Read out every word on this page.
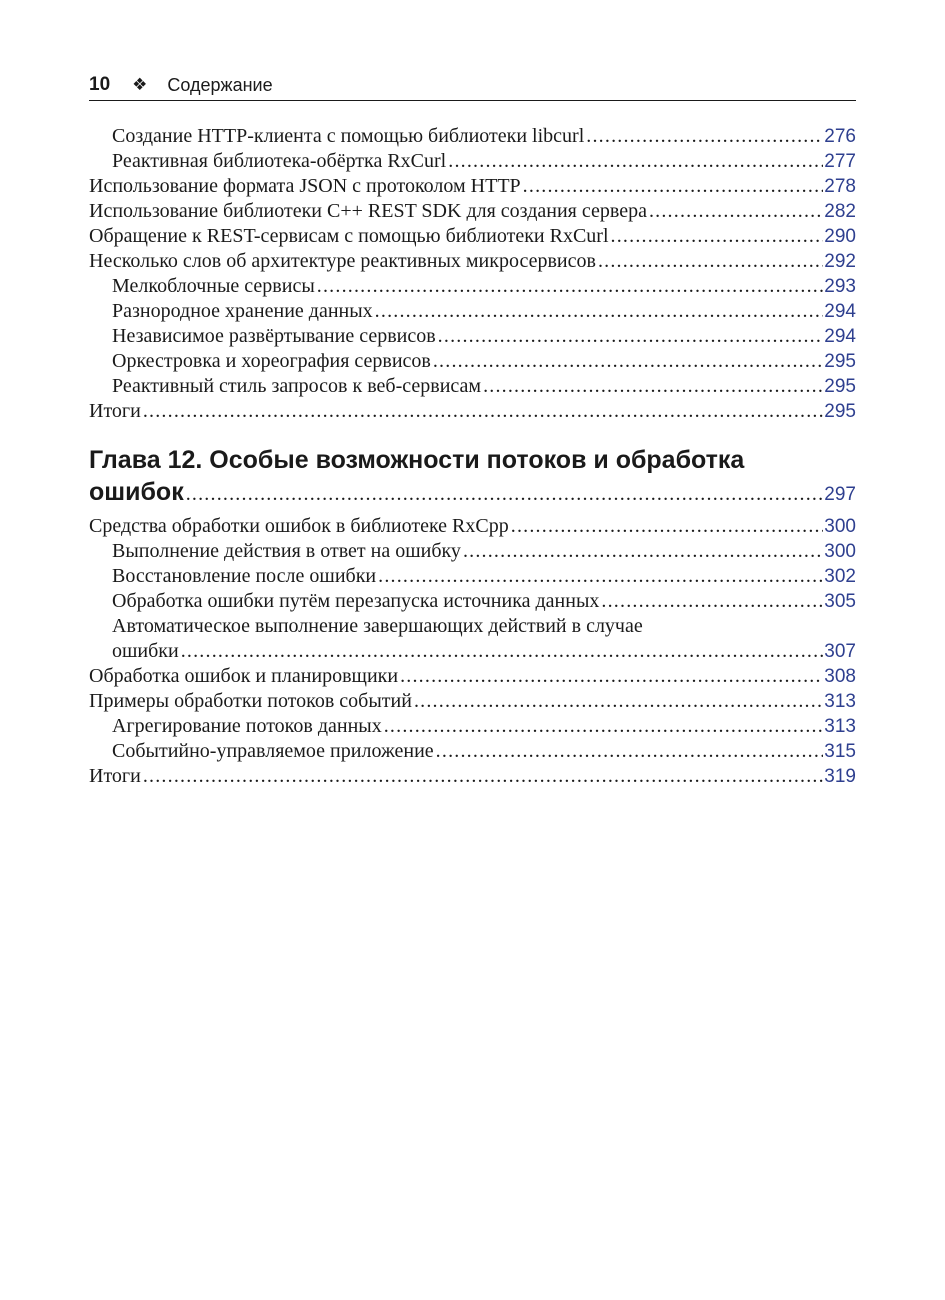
10 ❖ Содержание
Создание HTTP-клиента с помощью библиотеки libcurl .....	276
Реактивная библиотека-обёртка RxCurl .....	277
Использование формата JSON с протоколом HTTP .....	278
Использование библиотеки C++ REST SDK для создания сервера .....	282
Обращение к REST-сервисам с помощью библиотеки RxCurl .....	290
Несколько слов об архитектуре реактивных микросервисов .....	292
Мелкоблочные сервисы .....	293
Разнородное хранение данных .....	294
Независимое развёртывание сервисов .....	294
Оркестровка и хореография сервисов .....	295
Реактивный стиль запросов к веб-сервисам .....	295
Итоги .....	295
Глава 12. Особые возможности потоков и обработка
ошибок .....	297
Средства обработки ошибок в библиотеке RxCpp .....	300
Выполнение действия в ответ на ошибку .....	300
Восстановление после ошибки .....	302
Обработка ошибки путём перезапуска источника данных .....	305
Автоматическое выполнение завершающих действий в случае
ошибки .....	307
Обработка ошибок и планировщики .....	308
Примеры обработки потоков событий .....	313
Агрегирование потоков данных .....	313
Событийно-управляемое приложение .....	315
Итоги .....	319
